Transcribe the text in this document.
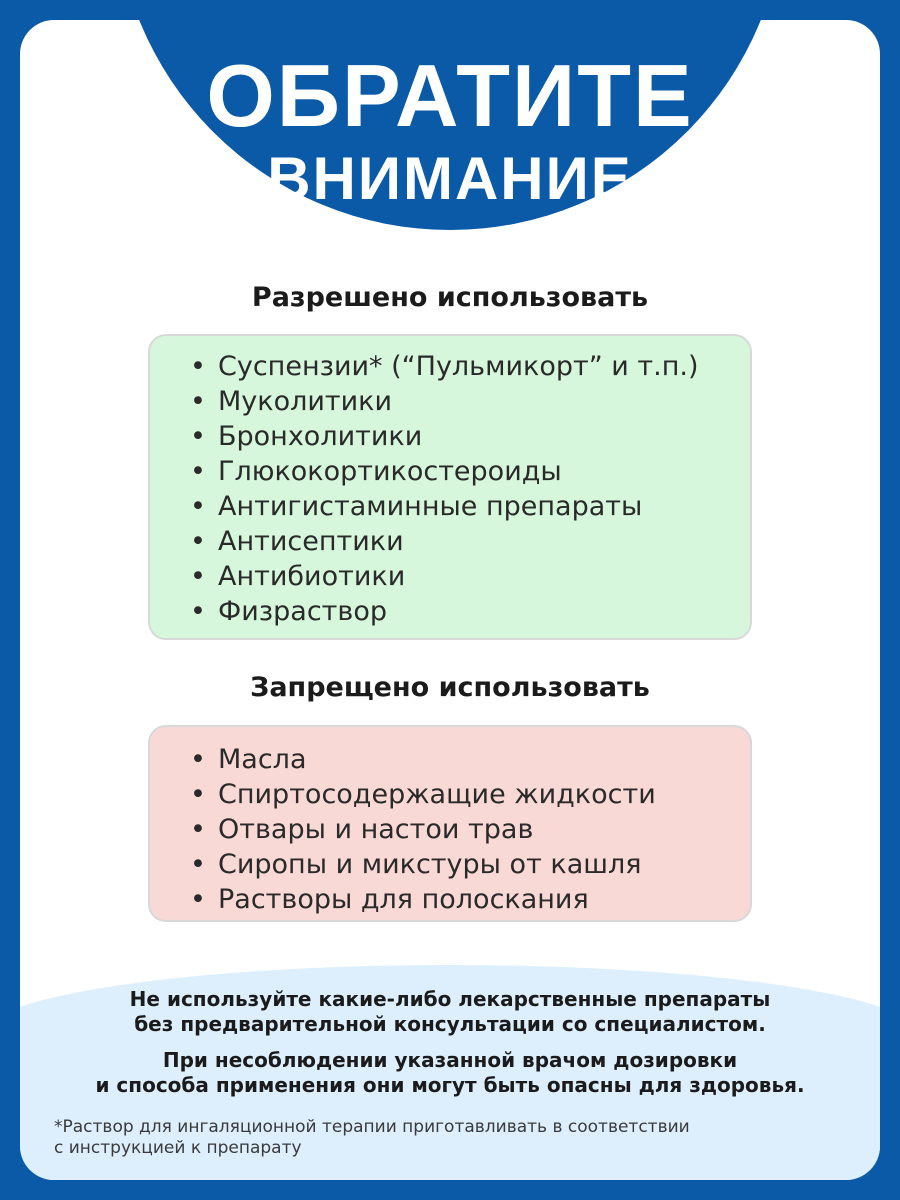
ОБРАТИТЕ
ВНИМАНИЕ
Разрешено использовать
• Суспензии* (“Пульмикорт” и т.п.)
• Муколитики
• Бронхолитики
• Глюкокортикостероиды
• Антигистаминные препараты
• Антисептики
• Антибиотики
• Физраствор
Запрещено использовать
• Масла
• Спиртосодержащие жидкости
• Отвары и настои трав
• Сиропы и микстуры от кашля
• Растворы для полоскания
Не используйте какие-либо лекарственные препараты
без предварительной консультации со специалистом.
При несоблюдении указанной врачом дозировки
и способа применения они могут быть опасны для здоровья.
*Раствор для ингаляционной терапии приготавливать в соответствии
с инструкцией к препарату
